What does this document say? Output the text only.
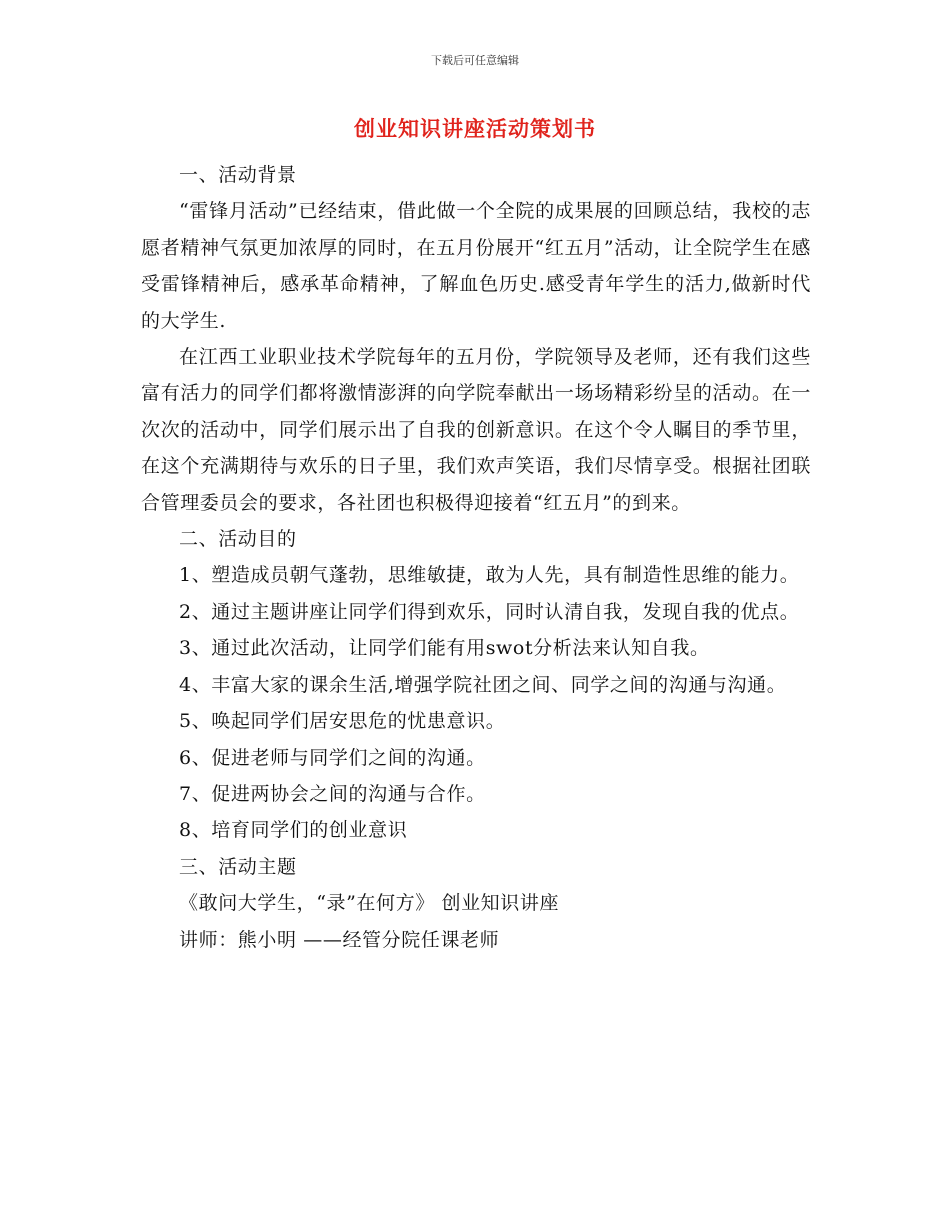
下载后可任意编辑
创业知识讲座活动策划书

一、活动背景

“雷锋月活动”已经结束，借此做一个全院的成果展的回顾总结，我校的志愿者精神气氛更加浓厚的同时，在五月份展开“红五月”活动，让全院学生在感受雷锋精神后，感承革命精神，了解血色历史.感受青年学生的活力,做新时代的大学生.

在江西工业职业技术学院每年的五月份，学院领导及老师，还有我们这些富有活力的同学们都将激情澎湃的向学院奉献出一场场精彩纷呈的活动。在一次次的活动中，同学们展示出了自我的创新意识。在这个令人瞩目的季节里，在这个充满期待与欢乐的日子里，我们欢声笑语，我们尽情享受。根据社团联合管理委员会的要求，各社团也积极得迎接着“红五月”的到来。

二、活动目的

1、塑造成员朝气蓬勃，思维敏捷，敢为人先，具有制造性思维的能力。

2、通过主题讲座让同学们得到欢乐，同时认清自我，发现自我的优点。

3、通过此次活动，让同学们能有用swot分析法来认知自我。

4、丰富大家的课余生活,增强学院社团之间、同学之间的沟通与沟通。

5、唤起同学们居安思危的忧患意识。

6、促进老师与同学们之间的沟通。

7、促进两协会之间的沟通与合作。

8、培育同学们的创业意识

三、活动主题

《敢问大学生，“录”在何方》 创业知识讲座

讲师：熊小明 ——经管分院任课老师
